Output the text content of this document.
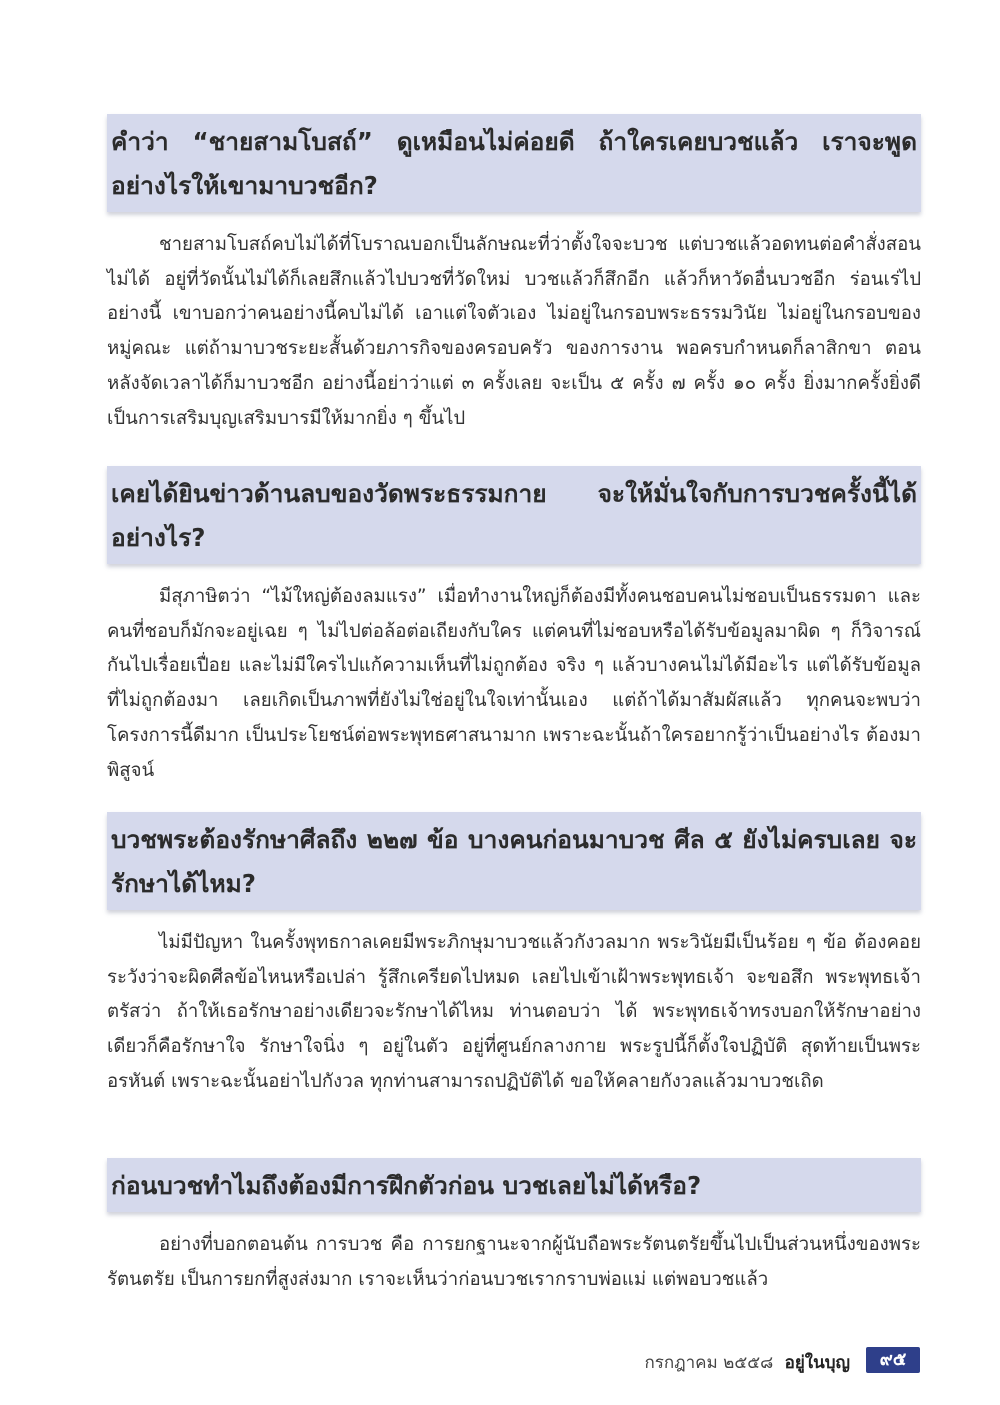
คำว่า “ชายสามโบสถ์” ดูเหมือนไม่ค่อยดี ถ้าใครเคยบวชแล้ว เราจะพูดอย่างไรให้เขามาบวชอีก?
ชายสามโบสถ์คบไม่ได้ที่โบราณบอกเป็นลักษณะที่ว่าตั้งใจจะบวช แต่บวชแล้วอดทนต่อคำสั่งสอนไม่ได้ อยู่ที่วัดนั้นไม่ได้ก็เลยสึกแล้วไปบวชที่วัดใหม่ บวชแล้วก็สึกอีก แล้วก็หาวัดอื่นบวชอีก ร่อนเร่ไปอย่างนี้ เขาบอกว่าคนอย่างนี้คบไม่ได้ เอาแต่ใจตัวเอง ไม่อยู่ในกรอบพระธรรมวินัย ไม่อยู่ในกรอบของหมู่คณะ แต่ถ้ามาบวชระยะสั้นด้วยภารกิจของครอบครัว ของการงาน พอครบกำหนดก็ลาสิกขา ตอนหลังจัดเวลาได้ก็มาบวชอีก อย่างนี้อย่าว่าแต่ ๓ ครั้งเลย จะเป็น ๕ ครั้ง ๗ ครั้ง ๑๐ ครั้ง ยิ่งมากครั้งยิ่งดี เป็นการเสริมบุญเสริมบารมีให้มากยิ่ง ๆ ขึ้นไป
เคยได้ยินข่าวด้านลบของวัดพระธรรมกาย จะให้มั่นใจกับการบวชครั้งนี้ได้อย่างไร?
มีสุภาษิตว่า “ไม้ใหญ่ต้องลมแรง” เมื่อทำงานใหญ่ก็ต้องมีทั้งคนชอบคนไม่ชอบเป็นธรรมดา และคนที่ชอบก็มักจะอยู่เฉย ๆ ไม่ไปต่อล้อต่อเถียงกับใคร แต่คนที่ไม่ชอบหรือได้รับข้อมูลมาผิด ๆ ก็วิจารณ์กันไปเรื่อยเปื่อย และไม่มีใครไปแก้ความเห็นที่ไม่ถูกต้อง จริง ๆ แล้วบางคนไม่ได้มีอะไร แต่ได้รับข้อมูลที่ไม่ถูกต้องมา เลยเกิดเป็นภาพที่ยังไม่ใช่อยู่ในใจเท่านั้นเอง แต่ถ้าได้มาสัมผัสแล้ว ทุกคนจะพบว่าโครงการนี้ดีมาก เป็นประโยชน์ต่อพระพุทธศาสนามาก เพราะฉะนั้นถ้าใครอยากรู้ว่าเป็นอย่างไร ต้องมาพิสูจน์
บวชพระต้องรักษาศีลถึง ๒๒๗ ข้อ บางคนก่อนมาบวช ศีล ๕ ยังไม่ครบเลย จะรักษาได้ไหม?
ไม่มีปัญหา ในครั้งพุทธกาลเคยมีพระภิกษุมาบวชแล้วกังวลมาก พระวินัยมีเป็นร้อย ๆ ข้อ ต้องคอยระวังว่าจะผิดศีลข้อไหนหรือเปล่า รู้สึกเครียดไปหมด เลยไปเข้าเฝ้าพระพุทธเจ้า จะขอสึก พระพุทธเจ้าตรัสว่า ถ้าให้เธอรักษาอย่างเดียวจะรักษาได้ไหม ท่านตอบว่า ได้ พระพุทธเจ้าทรงบอกให้รักษาอย่างเดียวก็คือรักษาใจ รักษาใจนิ่ง ๆ อยู่ในตัว อยู่ที่ศูนย์กลางกาย พระรูปนี้ก็ตั้งใจปฏิบัติ สุดท้ายเป็นพระอรหันต์ เพราะฉะนั้นอย่าไปกังวล ทุกท่านสามารถปฏิบัติได้ ขอให้คลายกังวลแล้วมาบวชเถิด
ก่อนบวชทำไมถึงต้องมีการฝึกตัวก่อน บวชเลยไม่ได้หรือ?
อย่างที่บอกตอนต้น การบวช คือ การยกฐานะจากผู้นับถือพระรัตนตรัยขึ้นไปเป็นส่วนหนึ่งของพระรัตนตรัย เป็นการยกที่สูงส่งมาก เราจะเห็นว่าก่อนบวชเรากราบพ่อแม่ แต่พอบวชแล้ว
กรกฎาคม ๒๕๕๘ อยู่ในบุญ	๙๕
